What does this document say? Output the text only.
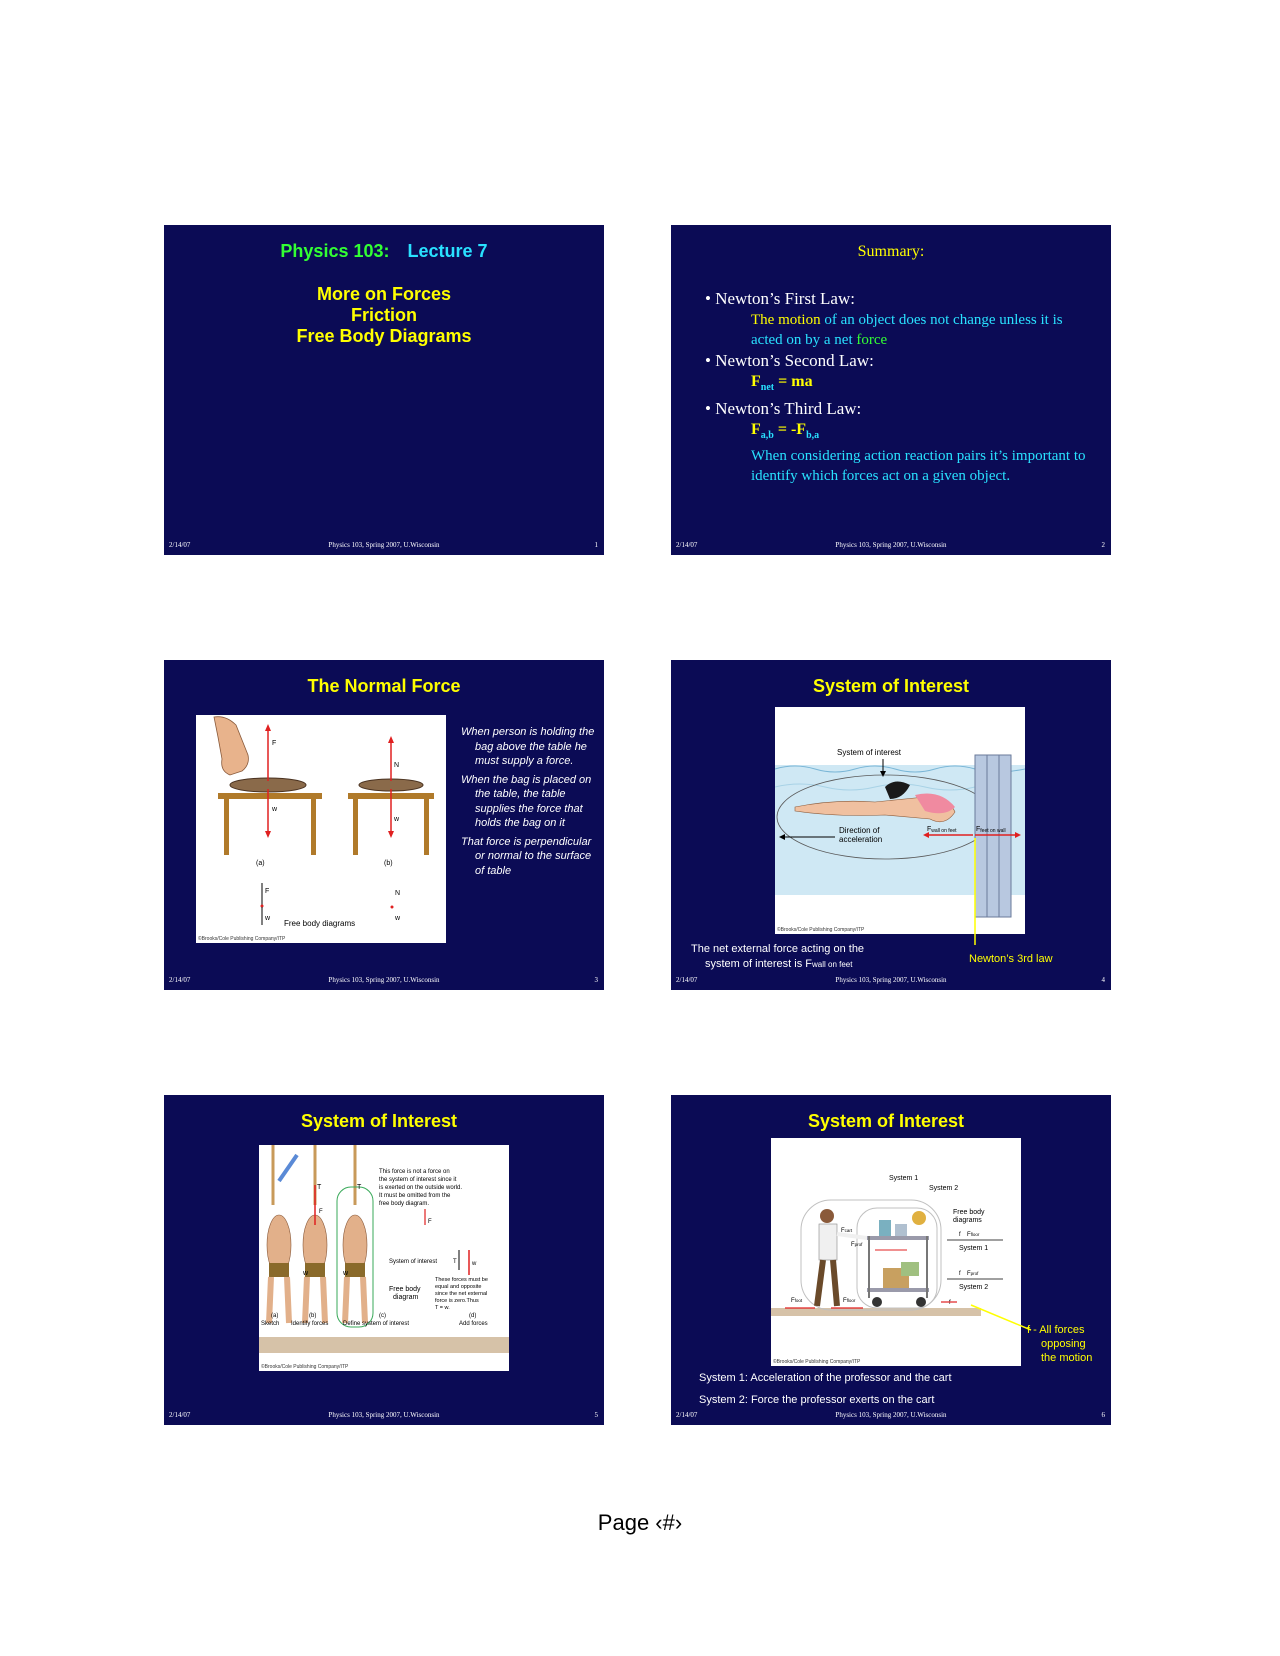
Physics 103: Lecture 7
More on Forces
Friction
Free Body Diagrams
2/14/07	Physics 103, Spring 2007, U.Wisconsin	1
Summary:

• Newton’s First Law:

The motion of an object does not change unless it is acted on by a net force

• Newton’s Second Law:

$F_{net}$ = ma

• Newton’s Third Law:

$F_{a,b} = -F_{b,a}$

When considering action reaction pairs it’s important to identify which forces act on a given object.

2/14/07	Physics 103, Spring 2007, U.Wisconsin	2
The Normal Force
F
w
(a)
N
w
(b)
F
w
Free body diagrams
N
w
©Brooks/Cole Publishing Company/ITP

When person is holding the bag above the table he must supply a force.

When the bag is placed on the table, the table supplies the force that holds the bag on it

That force is perpendicular or normal to the surface of table

2/14/07	Physics 103, Spring 2007, U.Wisconsin	3
System of Interest
System of interest
Direction of
acceleration
Fwall on feet	Ffeet on wall
©Brooks/Cole Publishing Company/ITP
The net external force acting on the
system of interest is Fwall on feet	Newton’s 3rd law
2/14/07	Physics 103, Spring 2007, U.Wisconsin	4
System of Interest
T
F
w
T
w
This force is not a force on
the system of interest since it
is exerted on the outside world.
It must be omitted from the
free body diagram.
F
System of interest	T	w
Free body
diagram
These forces must be
equal and opposite
since the net external
force is zero.Thus
T = w.
(a)	(b)	(c)	(d)
Sketch Identify forces Define system of interest	Add forces
©Brooks/Cole Publishing Company/ITP
2/14/07	Physics 103, Spring 2007, U.Wisconsin	5
System of Interest
System 1
System 2
Free body
diagrams
f Ffloor
System 1
f Fprof
System 2
Fcart
Fprof
Ffoot	Ffloor	f
©Brooks/Cole Publishing Company/ITP
f - All forces
opposing
the motion
System 1: Acceleration of the professor and the cart
System 2: Force the professor exerts on the cart
2/14/07	Physics 103, Spring 2007, U.Wisconsin	6
Page ‹#›
